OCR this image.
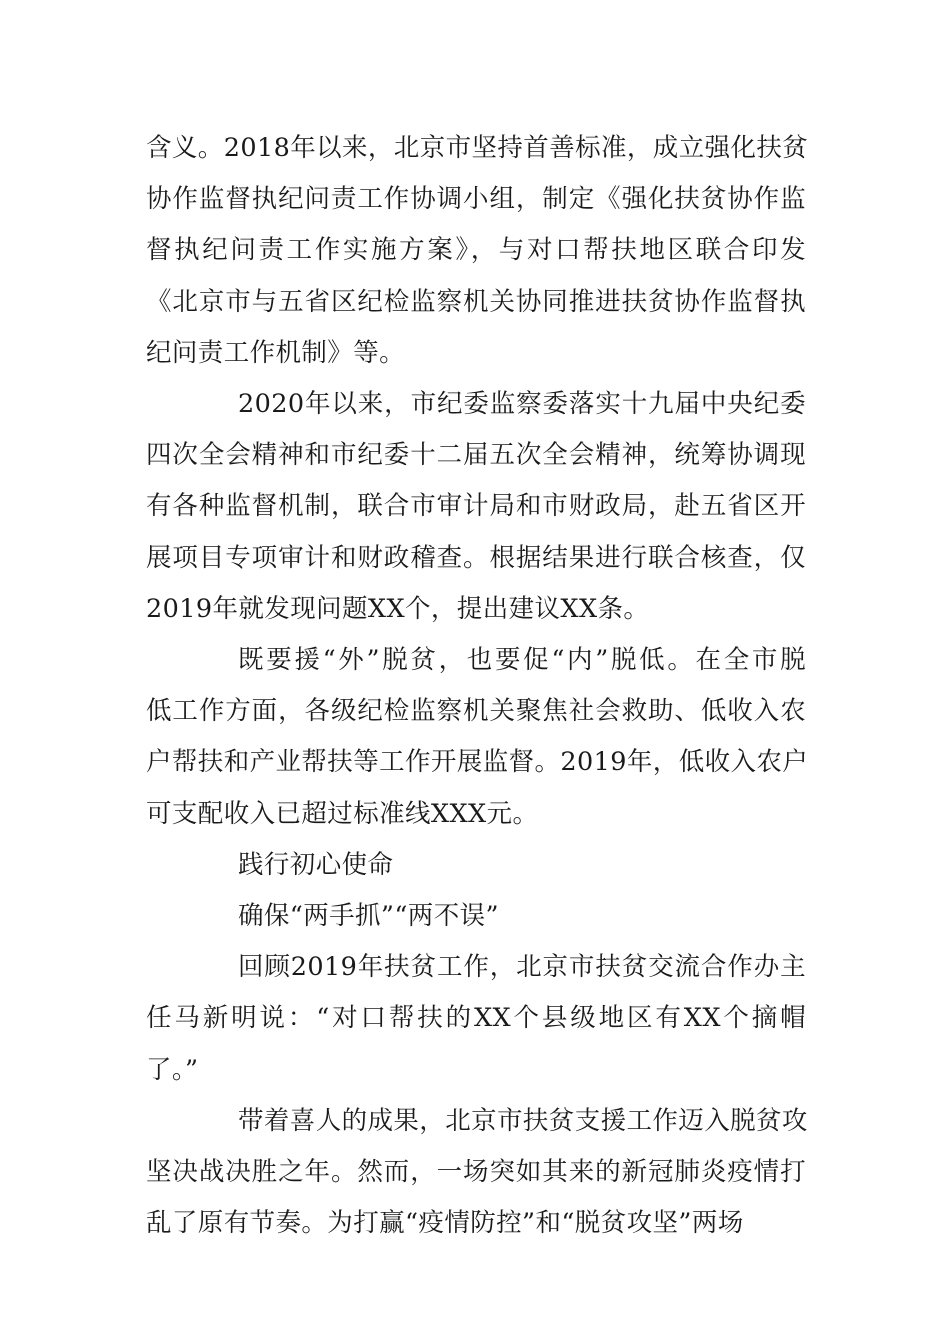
含义。2018年以来，北京市坚持首善标准，成立强化扶贫
协作监督执纪问责工作协调小组，制定《强化扶贫协作监
督执纪问责工作实施方案》，与对口帮扶地区联合印发
《北京市与五省区纪检监察机关协同推进扶贫协作监督执
纪问责工作机制》等。

2020年以来，市纪委监察委落实十九届中央纪委
四次全会精神和市纪委十二届五次全会精神，统筹协调现
有各种监督机制，联合市审计局和市财政局，赴五省区开
展项目专项审计和财政稽查。根据结果进行联合核查，仅
2019年就发现问题XX个，提出建议XX条。

既要援“外”脱贫，也要促“内”脱低。在全市脱
低工作方面，各级纪检监察机关聚焦社会救助、低收入农
户帮扶和产业帮扶等工作开展监督。2019年，低收入农户
可支配收入已超过标准线XXX元。

践行初心使命

确保“两手抓”“两不误”

回顾2019年扶贫工作，北京市扶贫交流合作办主
任马新明说：“对口帮扶的XX个县级地区有XX个摘帽
了。”

带着喜人的成果，北京市扶贫支援工作迈入脱贫攻
坚决战决胜之年。然而，一场突如其来的新冠肺炎疫情打
乱了原有节奏。为打赢“疫情防控”和“脱贫攻坚”两场
